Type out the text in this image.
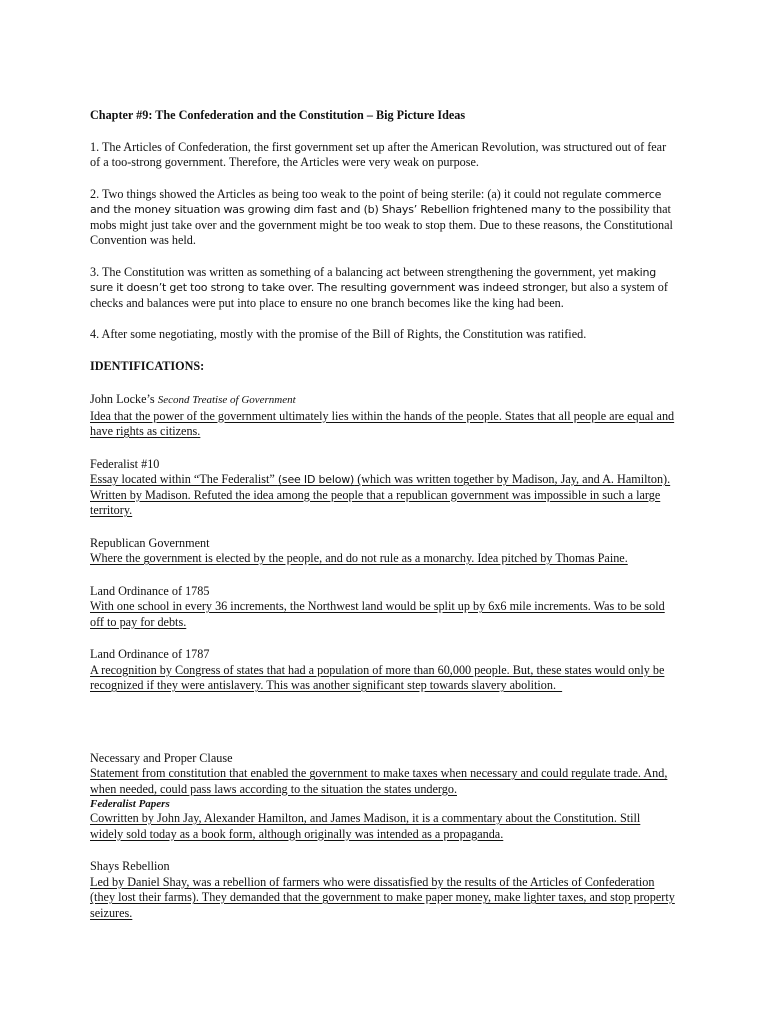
Chapter #9: The Confederation and the Constitution – Big Picture Ideas

1. The Articles of Confederation, the first government set up after the American Revolution, was structured out of fear of a too-strong government. Therefore, the Articles were very weak on purpose.

2. Two things showed the Articles as being too weak to the point of being sterile: (a) it could not regulate commerce and the money situation was growing dim fast and (b) Shays’ Rebellion frightened many to the possibility that mobs might just take over and the government might be too weak to stop them. Due to these reasons, the Constitutional Convention was held.

3. The Constitution was written as something of a balancing act between strengthening the government, yet making sure it doesn’t get too strong to take over. The resulting government was indeed stronger, but also a system of checks and balances were put into place to ensure no one branch becomes like the king had been.

4. After some negotiating, mostly with the promise of the Bill of Rights, the Constitution was ratified.

IDENTIFICATIONS:

John Locke’s Second Treatise of Government
Idea that the power of the government ultimately lies within the hands of the people. States that all people are equal and have rights as citizens.
Federalist #10
Essay located within “The Federalist” (see ID below) (which was written together by Madison, Jay, and A. Hamilton). Written by Madison. Refuted the idea among the people that a republican government was impossible in such a large territory.
Republican Government
Where the government is elected by the people, and do not rule as a monarchy. Idea pitched by Thomas Paine.
Land Ordinance of 1785
With one school in every 36 increments, the Northwest land would be split up by 6x6 mile increments. Was to be sold off to pay for debts.
Land Ordinance of 1787
A recognition by Congress of states that had a population of more than 60,000 people. But, these states would only be recognized if they were antislavery. This was another significant step towards slavery abolition.
Necessary and Proper Clause
Statement from constitution that enabled the government to make taxes when necessary and could regulate trade. And, when needed, could pass laws according to the situation the states undergo.
Federalist Papers
Cowritten by John Jay, Alexander Hamilton, and James Madison, it is a commentary about the Constitution. Still widely sold today as a book form, although originally was intended as a propaganda.
Shays Rebellion
Led by Daniel Shay, was a rebellion of farmers who were dissatisfied by the results of the Articles of Confederation (they lost their farms). They demanded that the government to make paper money, make lighter taxes, and stop property seizures.
